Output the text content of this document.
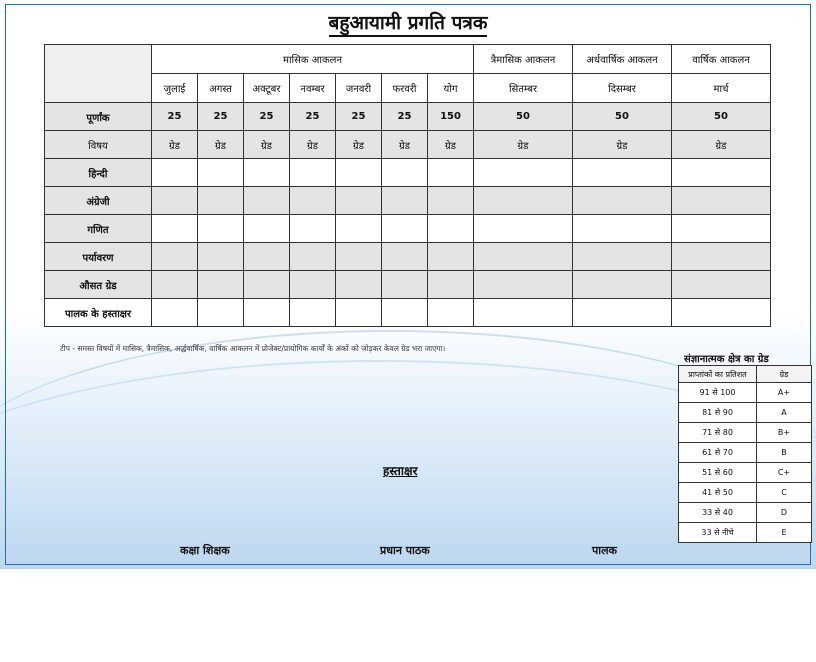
बहुआयामी प्रगति पत्रक
	मासिक आकलन							त्रैमासिक आकलन	अर्धवार्षिक आकलन	वार्षिक आकलन
	जुलाई	अगस्त	अक्टूबर	नवम्बर	जनवरी	फरवरी	योग	सितम्बर	दिसम्बर	मार्च
पूर्णांक	25	25	25	25	25	25	150	50	50	50
विषय	ग्रेड	ग्रेड	ग्रेड	ग्रेड	ग्रेड	ग्रेड	ग्रेड	ग्रेड	ग्रेड	ग्रेड
हिन्दी										
अंग्रेजी										
गणित										
पर्यावरण										
औसत ग्रेड										
पालक के हस्ताक्षर										
टीप - समस्त विषयों में मासिक, त्रैमासिक, अर्द्धवार्षिक, वार्षिक आकलन में प्रोजेक्ट/प्रायोगिक कार्यों के अंकों को जोड़कर केवल ग्रेड भरा जाएगा।
संज्ञानात्मक क्षेत्र का ग्रेड
प्राप्तांकों का प्रतिशत	ग्रेड
91 से 100	A+
81 से 90	A
71 से 80	B+
61 से 70	B
51 से 60	C+
41 से 50	C
33 से 40	D
33 से नीचे	E
हस्ताक्षर
कक्षा शिक्षक	प्रधान पाठक	पालक
